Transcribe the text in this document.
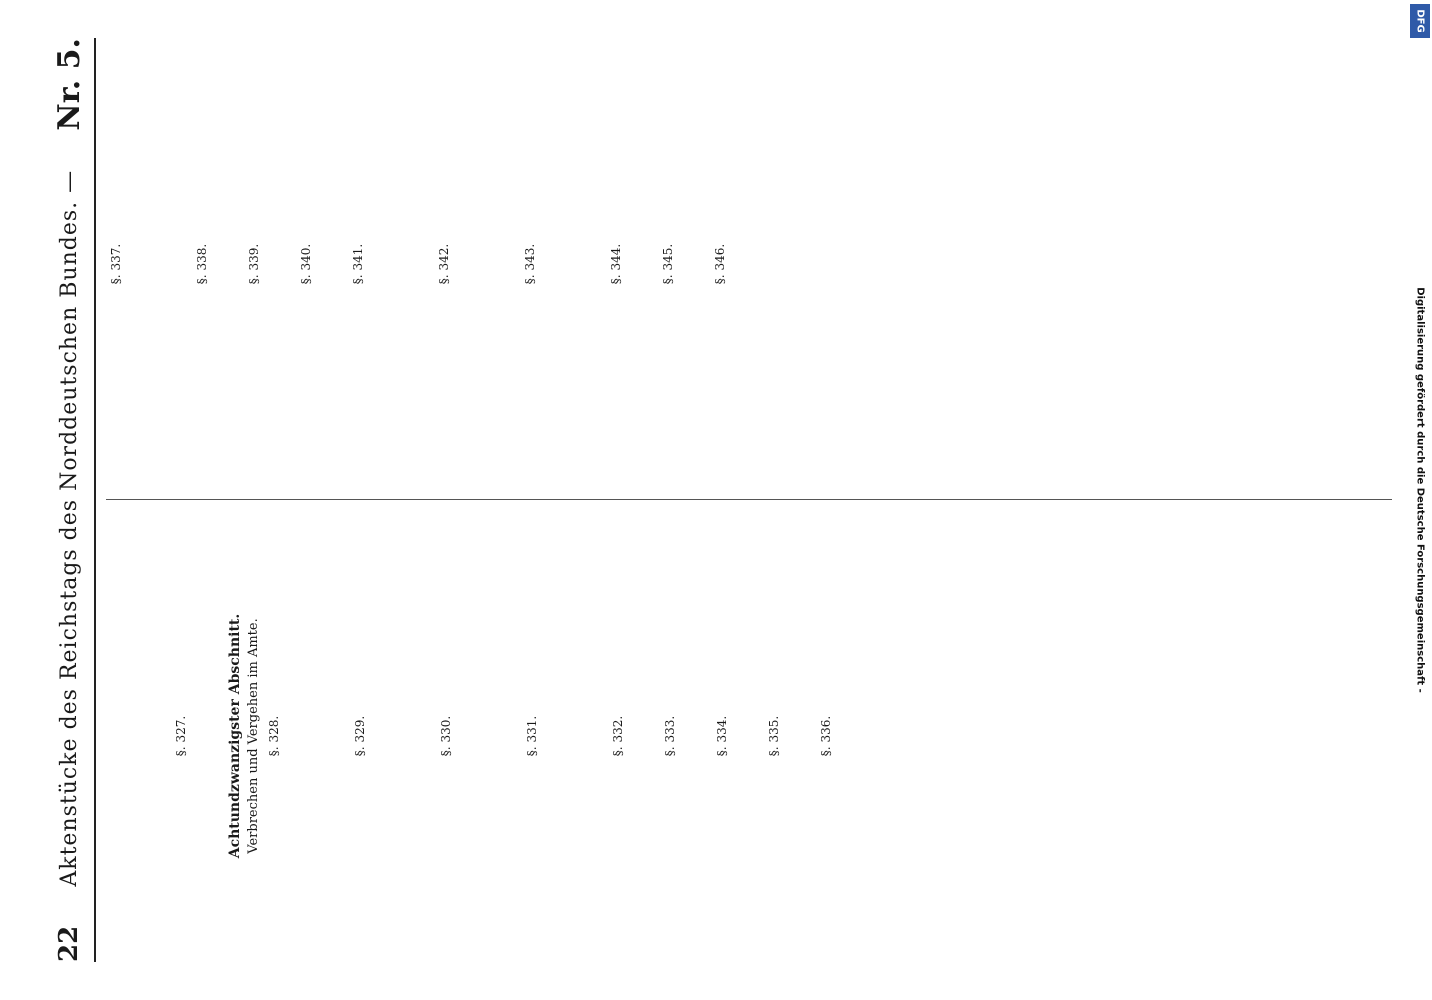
22
Aktenstücke des Reichstags des Norddeutschen Bundes. —
Nr. 5.

§. 327.	Achtundzwanzigster Abschnitt. Verbrechen und Vergehen im Amte. §. 328.	§. 329.	§. 330.	§. 331.	§. 332.	§. 333.	§. 334.	§. 335.	§. 336.

§. 337.	§. 338.	§. 339.	§. 340.	§. 341.	§. 342.	§. 343.	§. 344.	§. 345.	§. 346.

DFG
Digitalisierung gefördert durch die Deutsche Forschungsgemeinschaft -
